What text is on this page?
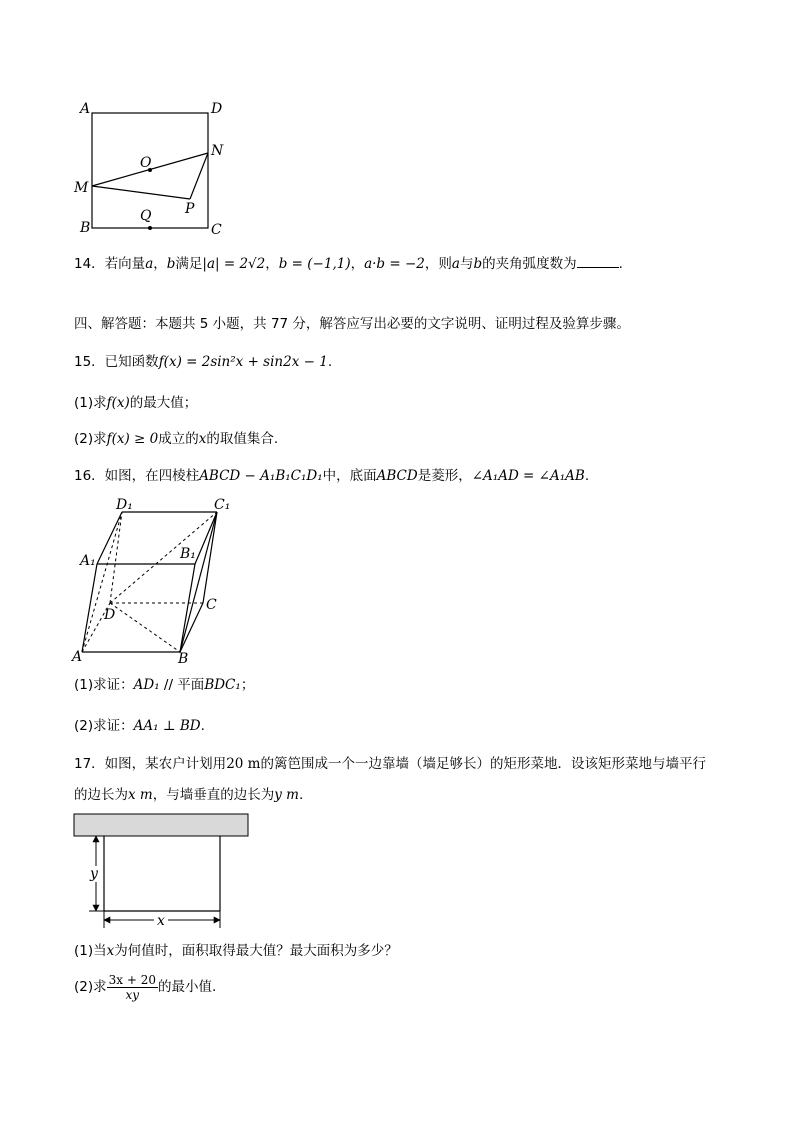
A	D
B	C
M
N
O
P
Q
14．若向量a，b满足|a| = 2√2，b = (−1,1)，a·b = −2，则a与b的夹角弧度数为	.
四、解答题：本题共 5 小题，共 77 分，解答应写出必要的文字说明、证明过程及验算步骤。
15．已知函数f(x) = 2sin²x + sin2x − 1.
(1)求f(x)的最大值；
(2)求f(x) ≥ 0成立的x的取值集合.
16．如图，在四棱柱ABCD − A₁B₁C₁D₁中，底面ABCD是菱形，∠A₁AD = ∠A₁AB.
D₁	C₁
A₁	B₁
D
C
A	B
(1)求证：AD₁ // 平面BDC₁；
(2)求证：AA₁ ⊥ BD.
17．如图，某农户计划用20 m的篱笆围成一个一边靠墙（墙足够长）的矩形菜地．设该矩形菜地与墙平行
的边长为x m，与墙垂直的边长为y m.
y
x
(1)当x为何值时，面积取得最大值？最大面积为多少？
(2)求 $\frac{3x + 20}{xy}$ 的最小值.
